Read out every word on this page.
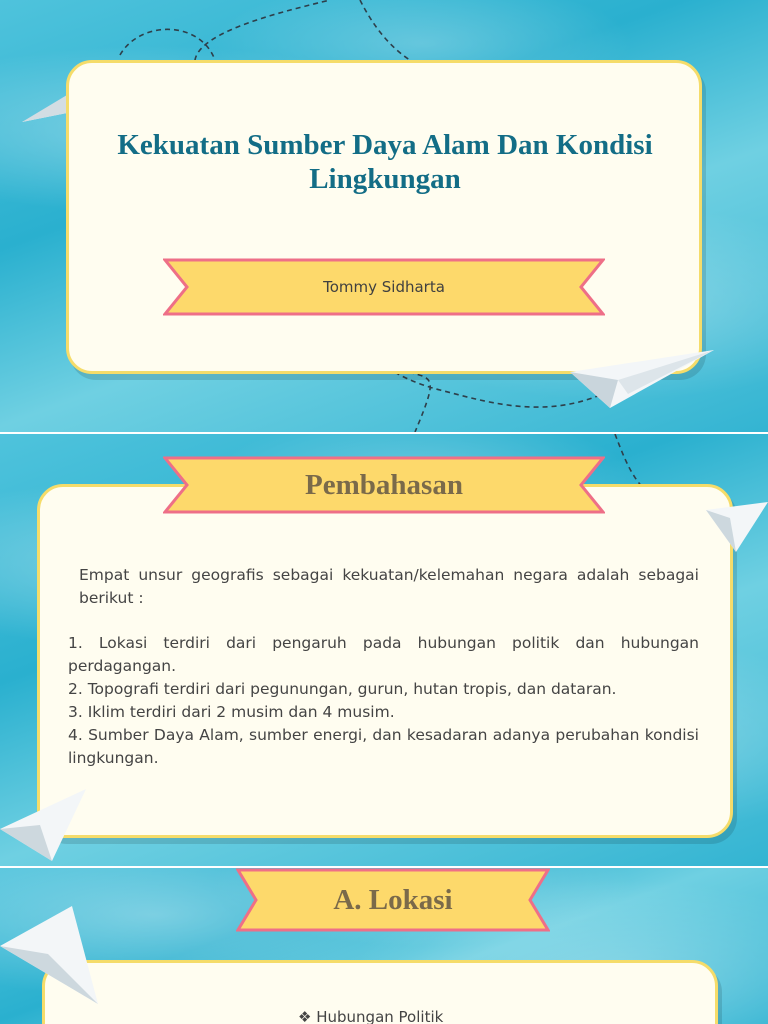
Kekuatan Sumber Daya Alam Dan Kondisi Lingkungan
Tommy Sidharta
Pembahasan
Empat unsur geografis sebagai kekuatan/kelemahan negara adalah sebagai berikut :
1. Lokasi terdiri dari pengaruh pada hubungan politik dan hubungan perdagangan.
2. Topografi terdiri dari pegunungan, gurun, hutan tropis, dan dataran.
3. Iklim terdiri dari 2 musim dan 4 musim.
4. Sumber Daya Alam, sumber energi, dan kesadaran adanya perubahan kondisi lingkungan.
A. Lokasi
❖ Hubungan Politik
